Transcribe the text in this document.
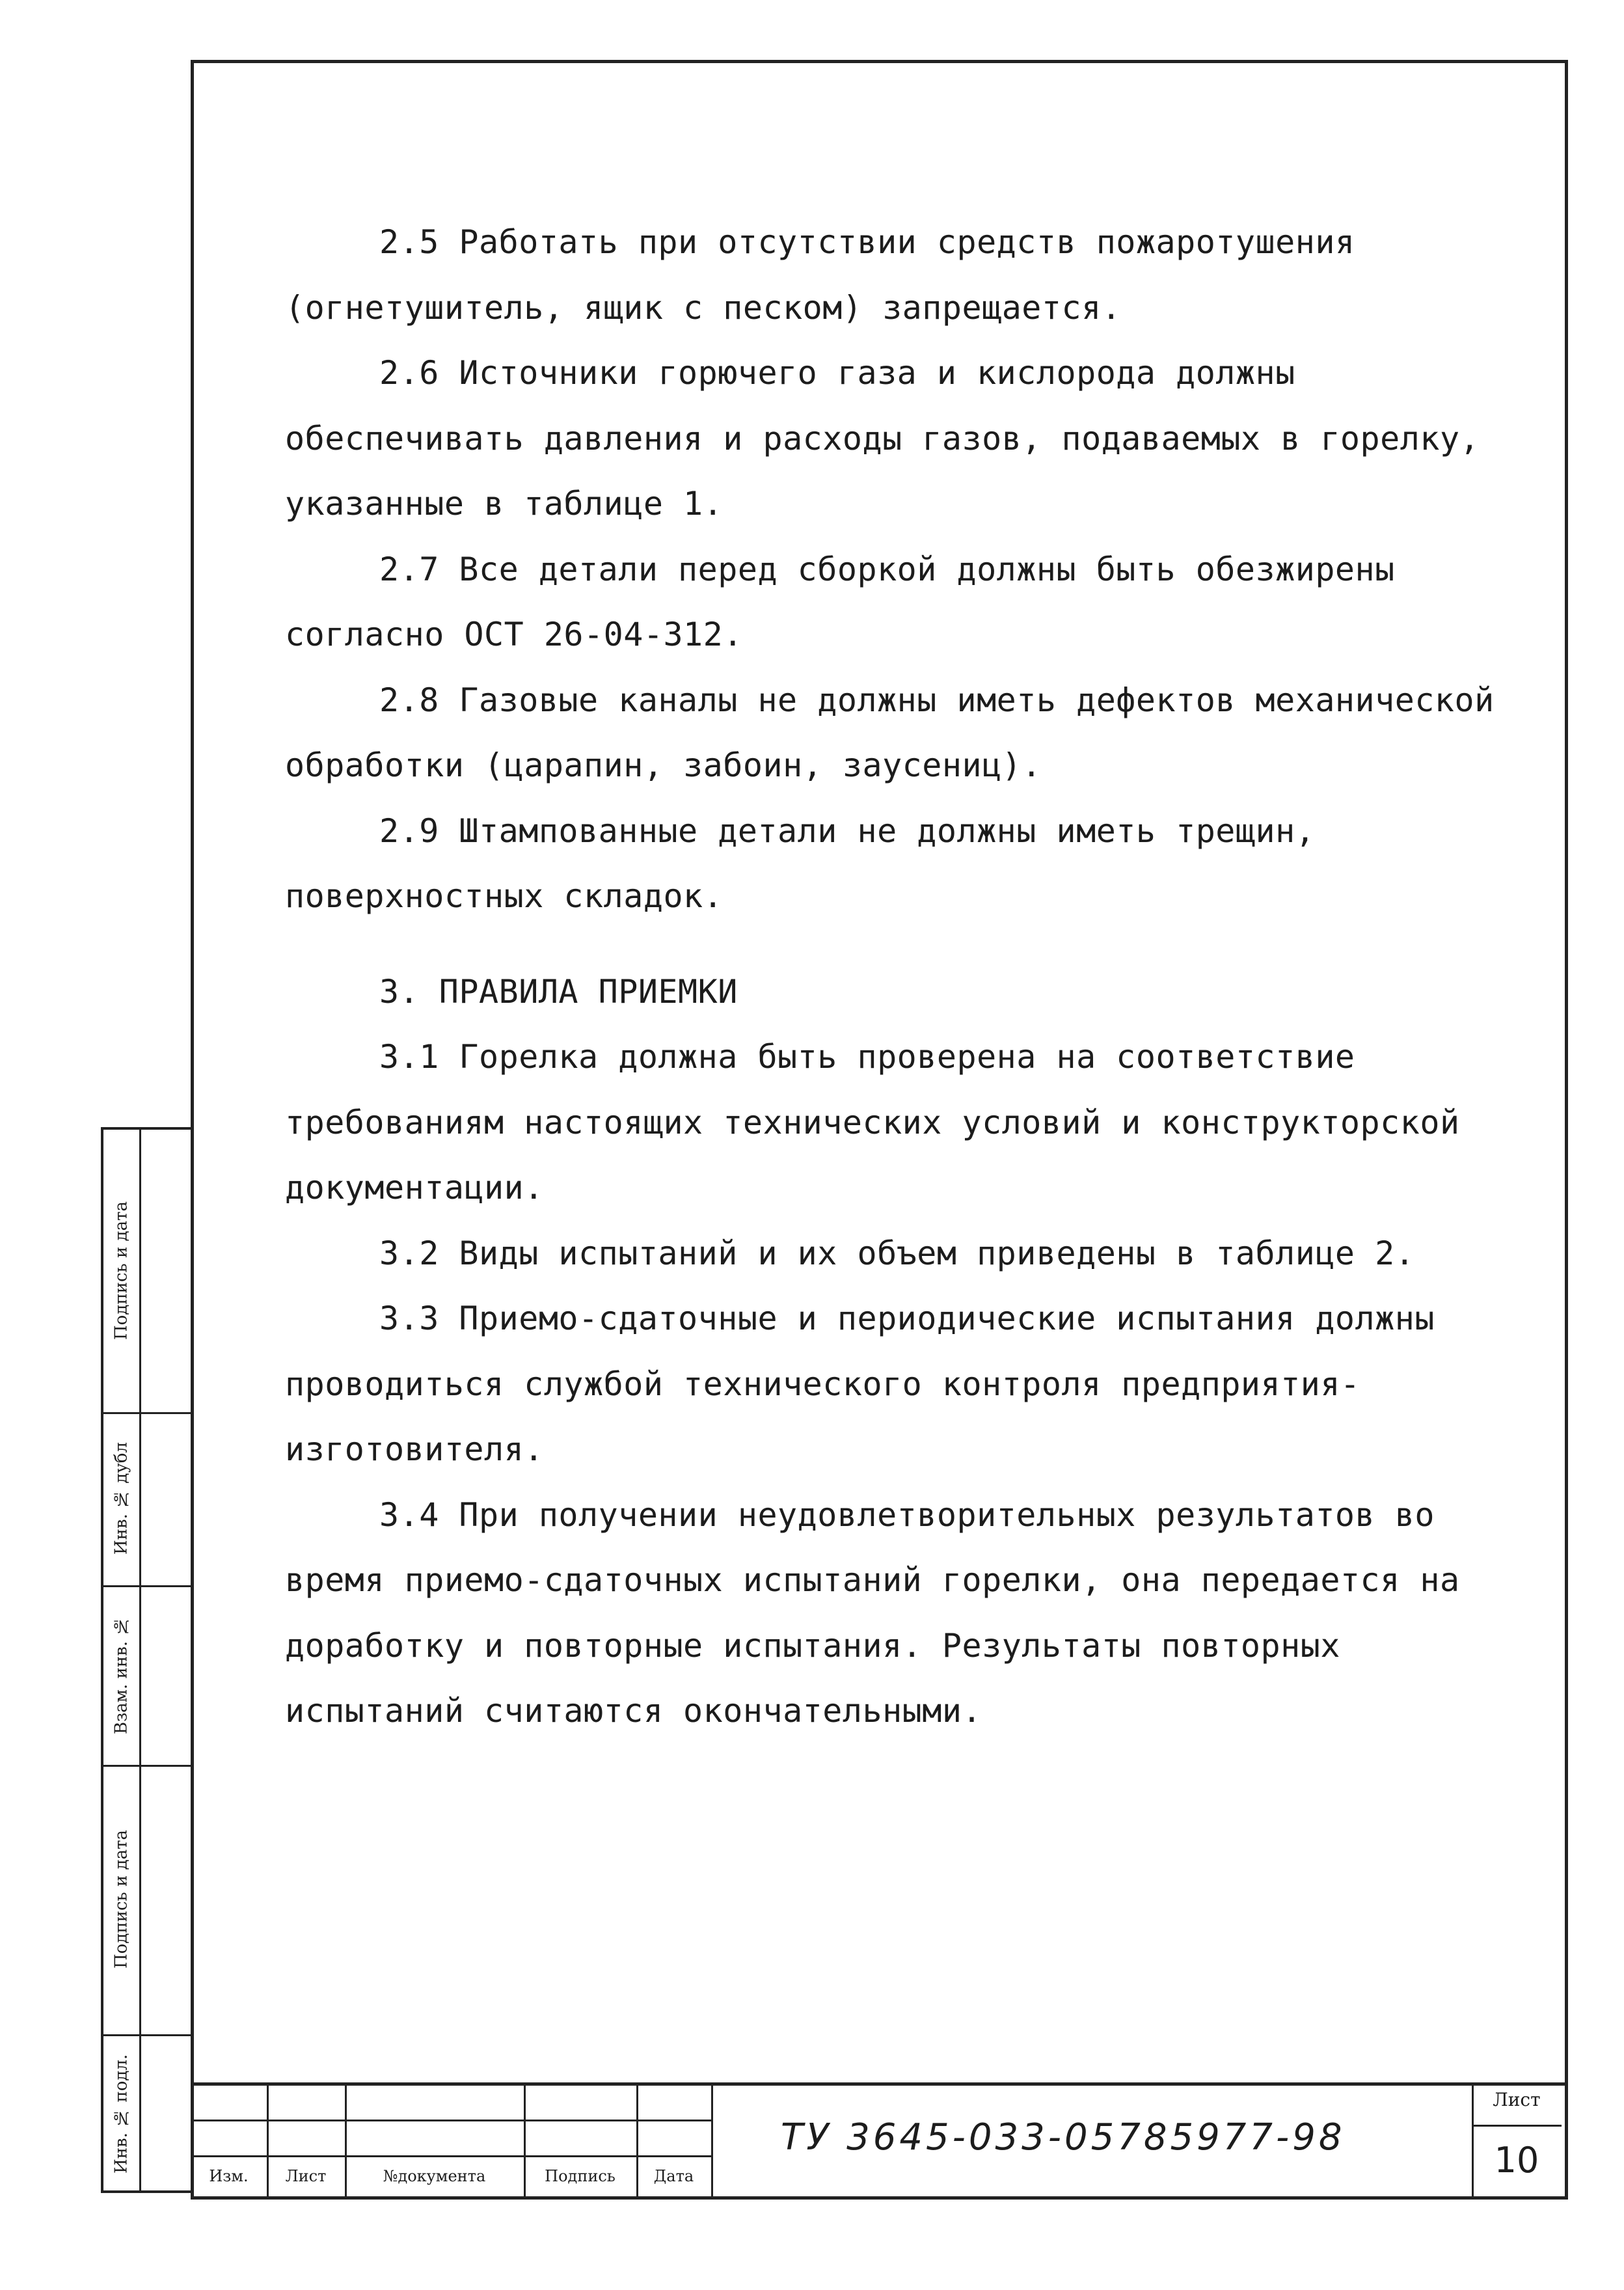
2.5 Работать при отсутствии средств пожаротушения (огнетушитель, ящик с песком) запрещается.

2.6 Источники горючего газа и кислорода должны обеспечивать давления и расходы газов, подаваемых в горелку, указанные в таблице 1.

2.7 Все детали перед сборкой должны быть обезжирены согласно ОСТ 26-04-312.

2.8 Газовые каналы не должны иметь дефектов механической обработки (царапин, забоин, заусениц).

2.9 Штампованные детали не должны иметь трещин, поверхностных складок.

3. ПРАВИЛА ПРИЕМКИ

3.1 Горелка должна быть проверена на соответствие требованиям настоящих технических условий и конструкторской документации.

3.2 Виды испытаний и их объем приведены в таблице 2.

3.3 Приемо-сдаточные и периодические испытания должны проводиться службой технического контроля предприятия-изготовителя.

3.4 При получении неудовлетворительных результатов во время приемо-сдаточных испытаний горелки, она передается на доработку и повторные испытания. Результаты повторных испытаний считаются окончательными.

Подпись и дата
Инв. № дубл
Взам. инв. №
Подпись и дата
Инв. № подл.
Изм.	Лист	№документа	Подпись	Дата
ТУ 3645-033-05785977-98
Лист
10
